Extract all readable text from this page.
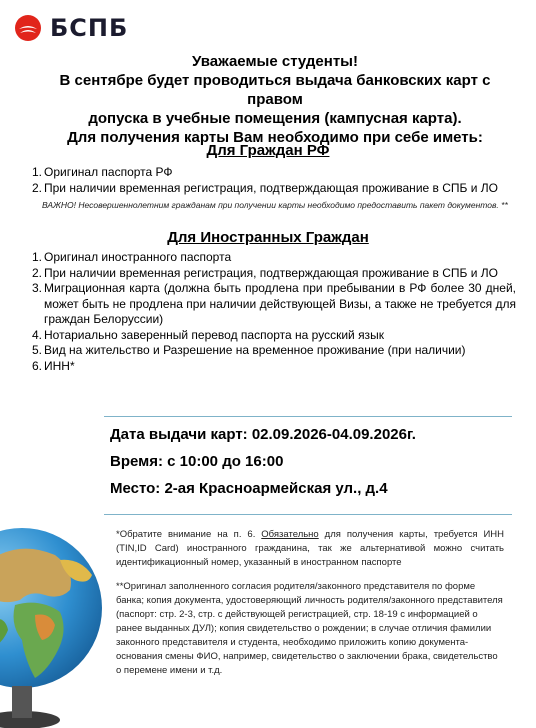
БСПБ
Уважаемые студенты!
В сентябре будет проводиться выдача банковских карт с правом
допуска в учебные помещения (кампусная карта).
Для получения карты Вам необходимо при себе иметь:
Для Граждан РФ
1. Оригинал паспорта РФ
2. При наличии временная регистрация, подтверждающая проживание в СПБ и ЛО
ВАЖНО! Несовершеннолетним гражданам при получении карты необходимо предоставить пакет документов. **
Для Иностранных Граждан
1. Оригинал иностранного паспорта
2. При наличии временная регистрация, подтверждающая проживание в СПБ и ЛО
3. Миграционная карта (должна быть продлена при пребывании в РФ более 30 дней, может быть не продлена при наличии действующей Визы, а также не требуется для граждан Белоруссии)
4. Нотариально заверенный перевод паспорта на русский язык
5. Вид на жительство и Разрешение на временное проживание (при наличии)
6. ИНН*
Дата выдачи карт: 02.09.2026-04.09.2026г.
Время: с 10:00 до 16:00
Место: 2-ая Красноармейская ул., д.4

*Обратите внимание на п. 6. Обязательно для получения карты, требуется ИНН (TIN,ID Card) иностранного гражданина, так же альтернативой можно считать идентификационный номер, указанный в иностранном паспорте

**Оригинал заполненного согласия родителя/законного представителя по форме банка; копия документа, удостоверяющий личность родителя/законного представителя (паспорт: стр. 2-3, стр. с действующей регистрацией, стр. 18-19 с информацией о ранее выданных ДУЛ); копия свидетельство о рождении; в случае отличия фамилии законного представителя и студента, необходимо приложить копию документа-основания смены ФИО, например, свидетельство о заключении брака, свидетельство о перемене имени и т.д.
